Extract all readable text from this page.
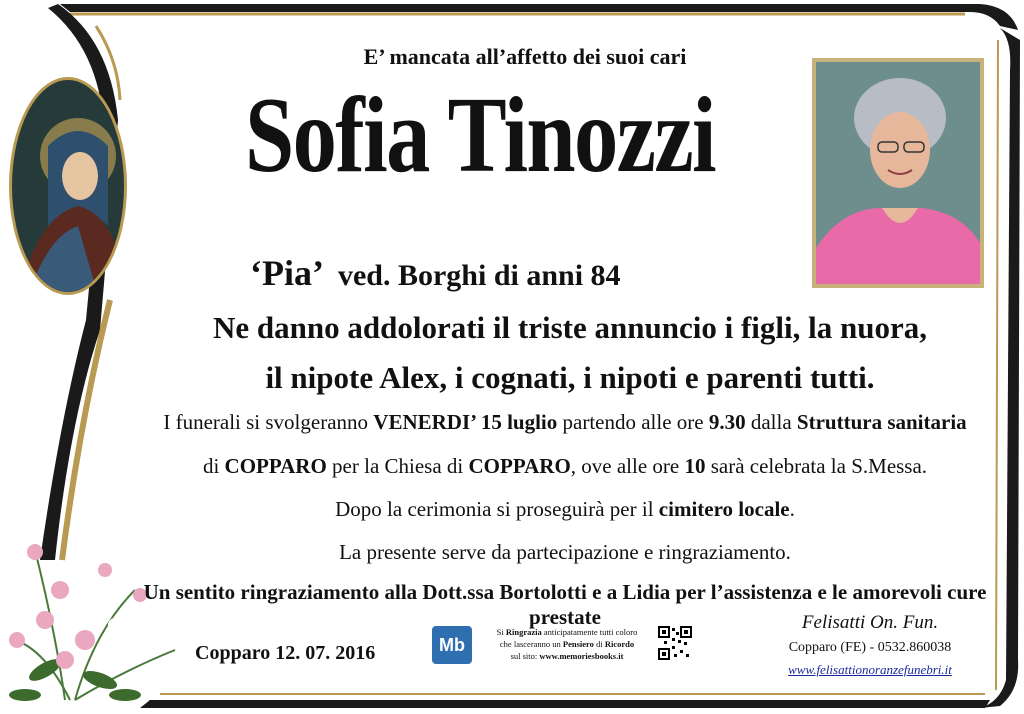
E’ mancata all’affetto dei suoi cari
Sofia Tinozzi
‘Pia’ ved. Borghi di anni 84
Ne danno addolorati il triste annuncio i figli, la nuora,
il nipote Alex, i cognati, i nipoti e parenti tutti.
I funerali si svolgeranno VENERDI’ 15 luglio partendo alle ore 9.30 dalla Struttura sanitaria
di COPPARO per la Chiesa di COPPARO, ove alle ore 10 sarà celebrata la S.Messa.
Dopo la cerimonia si proseguirà per il cimitero locale.
La presente serve da partecipazione e ringraziamento.
Un sentito ringraziamento alla Dott.ssa Bortolotti e a Lidia per l’assistenza e le amorevoli cure prestate
Copparo 12. 07. 2016	Mb
Si Ringrazia anticipatamente tutti coloro
che lasceranno un Pensiero di Ricordo
sul sito: www.memoriesbooks.it
Felisatti On. Fun.
Copparo (FE) - 0532.860038
www.felisattionoranzefunebri.it
